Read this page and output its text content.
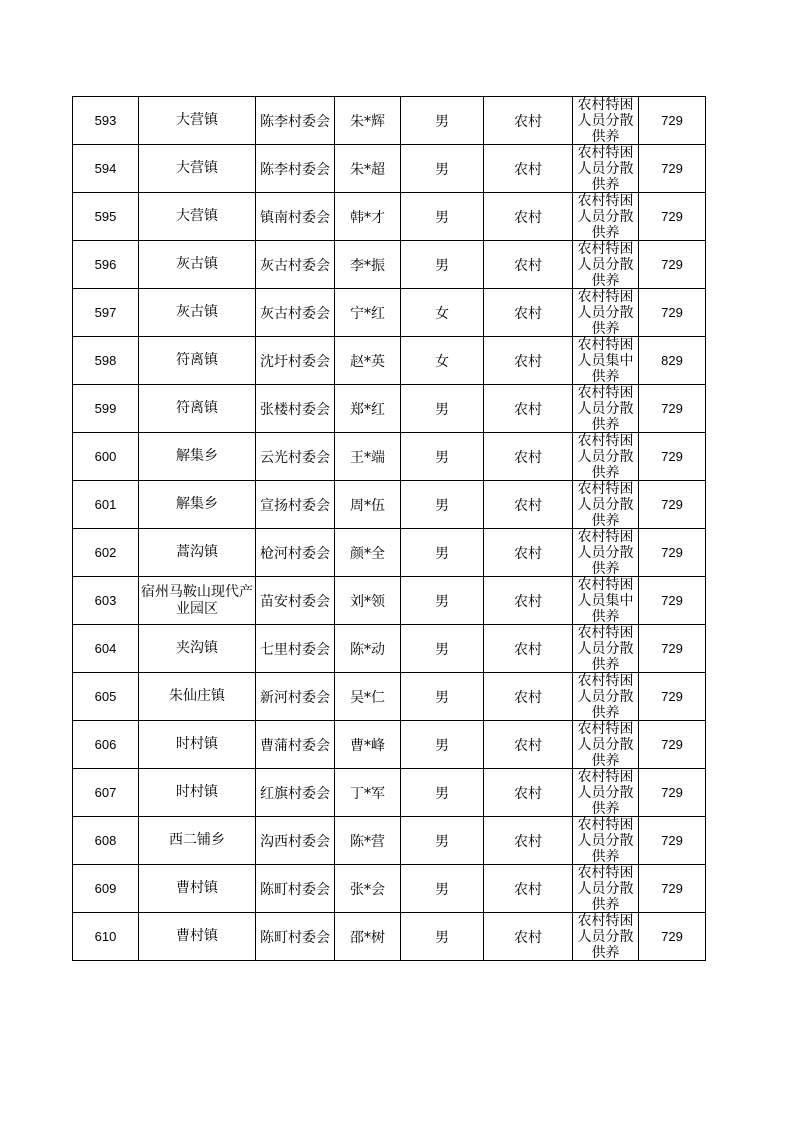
593	大营镇	陈李村委会	朱*辉	男	农村	农村特困人员分散供养	729
594	大营镇	陈李村委会	朱*超	男	农村	农村特困人员分散供养	729
595	大营镇	镇南村委会	韩*才	男	农村	农村特困人员分散供养	729
596	灰古镇	灰古村委会	李*振	男	农村	农村特困人员分散供养	729
597	灰古镇	灰古村委会	宁*红	女	农村	农村特困人员分散供养	729
598	符离镇	沈圩村委会	赵*英	女	农村	农村特困人员集中供养	829
599	符离镇	张楼村委会	郑*红	男	农村	农村特困人员分散供养	729
600	解集乡	云光村委会	王*端	男	农村	农村特困人员分散供养	729
601	解集乡	宣扬村委会	周*伍	男	农村	农村特困人员分散供养	729
602	蒿沟镇	枪河村委会	颜*全	男	农村	农村特困人员分散供养	729
603	宿州马鞍山现代产业园区	苗安村委会	刘*领	男	农村	农村特困人员集中供养	729
604	夹沟镇	七里村委会	陈*动	男	农村	农村特困人员分散供养	729
605	朱仙庄镇	新河村委会	吴*仁	男	农村	农村特困人员分散供养	729
606	时村镇	曹蒲村委会	曹*峰	男	农村	农村特困人员分散供养	729
607	时村镇	红旗村委会	丁*军	男	农村	农村特困人员分散供养	729
608	西二铺乡	沟西村委会	陈*营	男	农村	农村特困人员分散供养	729
609	曹村镇	陈町村委会	张*会	男	农村	农村特困人员分散供养	729
610	曹村镇	陈町村委会	邵*树	男	农村	农村特困人员分散供养	729
